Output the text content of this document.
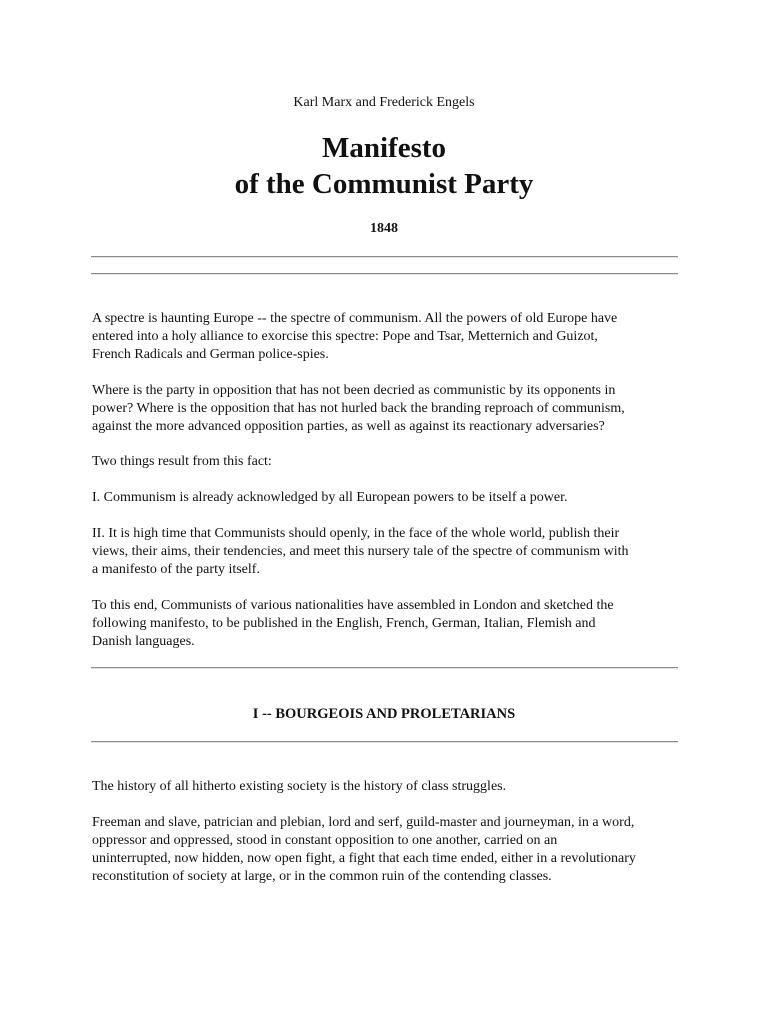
Karl Marx and Frederick Engels
Manifesto
of the Communist Party
1848

A spectre is haunting Europe -- the spectre of communism. All the powers of old Europe have
entered into a holy alliance to exorcise this spectre: Pope and Tsar, Metternich and Guizot,
French Radicals and German police-spies.

Where is the party in opposition that has not been decried as communistic by its opponents in
power? Where is the opposition that has not hurled back the branding reproach of communism,
against the more advanced opposition parties, as well as against its reactionary adversaries?

Two things result from this fact:

I. Communism is already acknowledged by all European powers to be itself a power.

II. It is high time that Communists should openly, in the face of the whole world, publish their
views, their aims, their tendencies, and meet this nursery tale of the spectre of communism with
a manifesto of the party itself.

To this end, Communists of various nationalities have assembled in London and sketched the
following manifesto, to be published in the English, French, German, Italian, Flemish and
Danish languages.

I -- BOURGEOIS AND PROLETARIANS

The history of all hitherto existing society is the history of class struggles.

Freeman and slave, patrician and plebian, lord and serf, guild-master and journeyman, in a word,
oppressor and oppressed, stood in constant opposition to one another, carried on an
uninterrupted, now hidden, now open fight, a fight that each time ended, either in a revolutionary
reconstitution of society at large, or in the common ruin of the contending classes.
